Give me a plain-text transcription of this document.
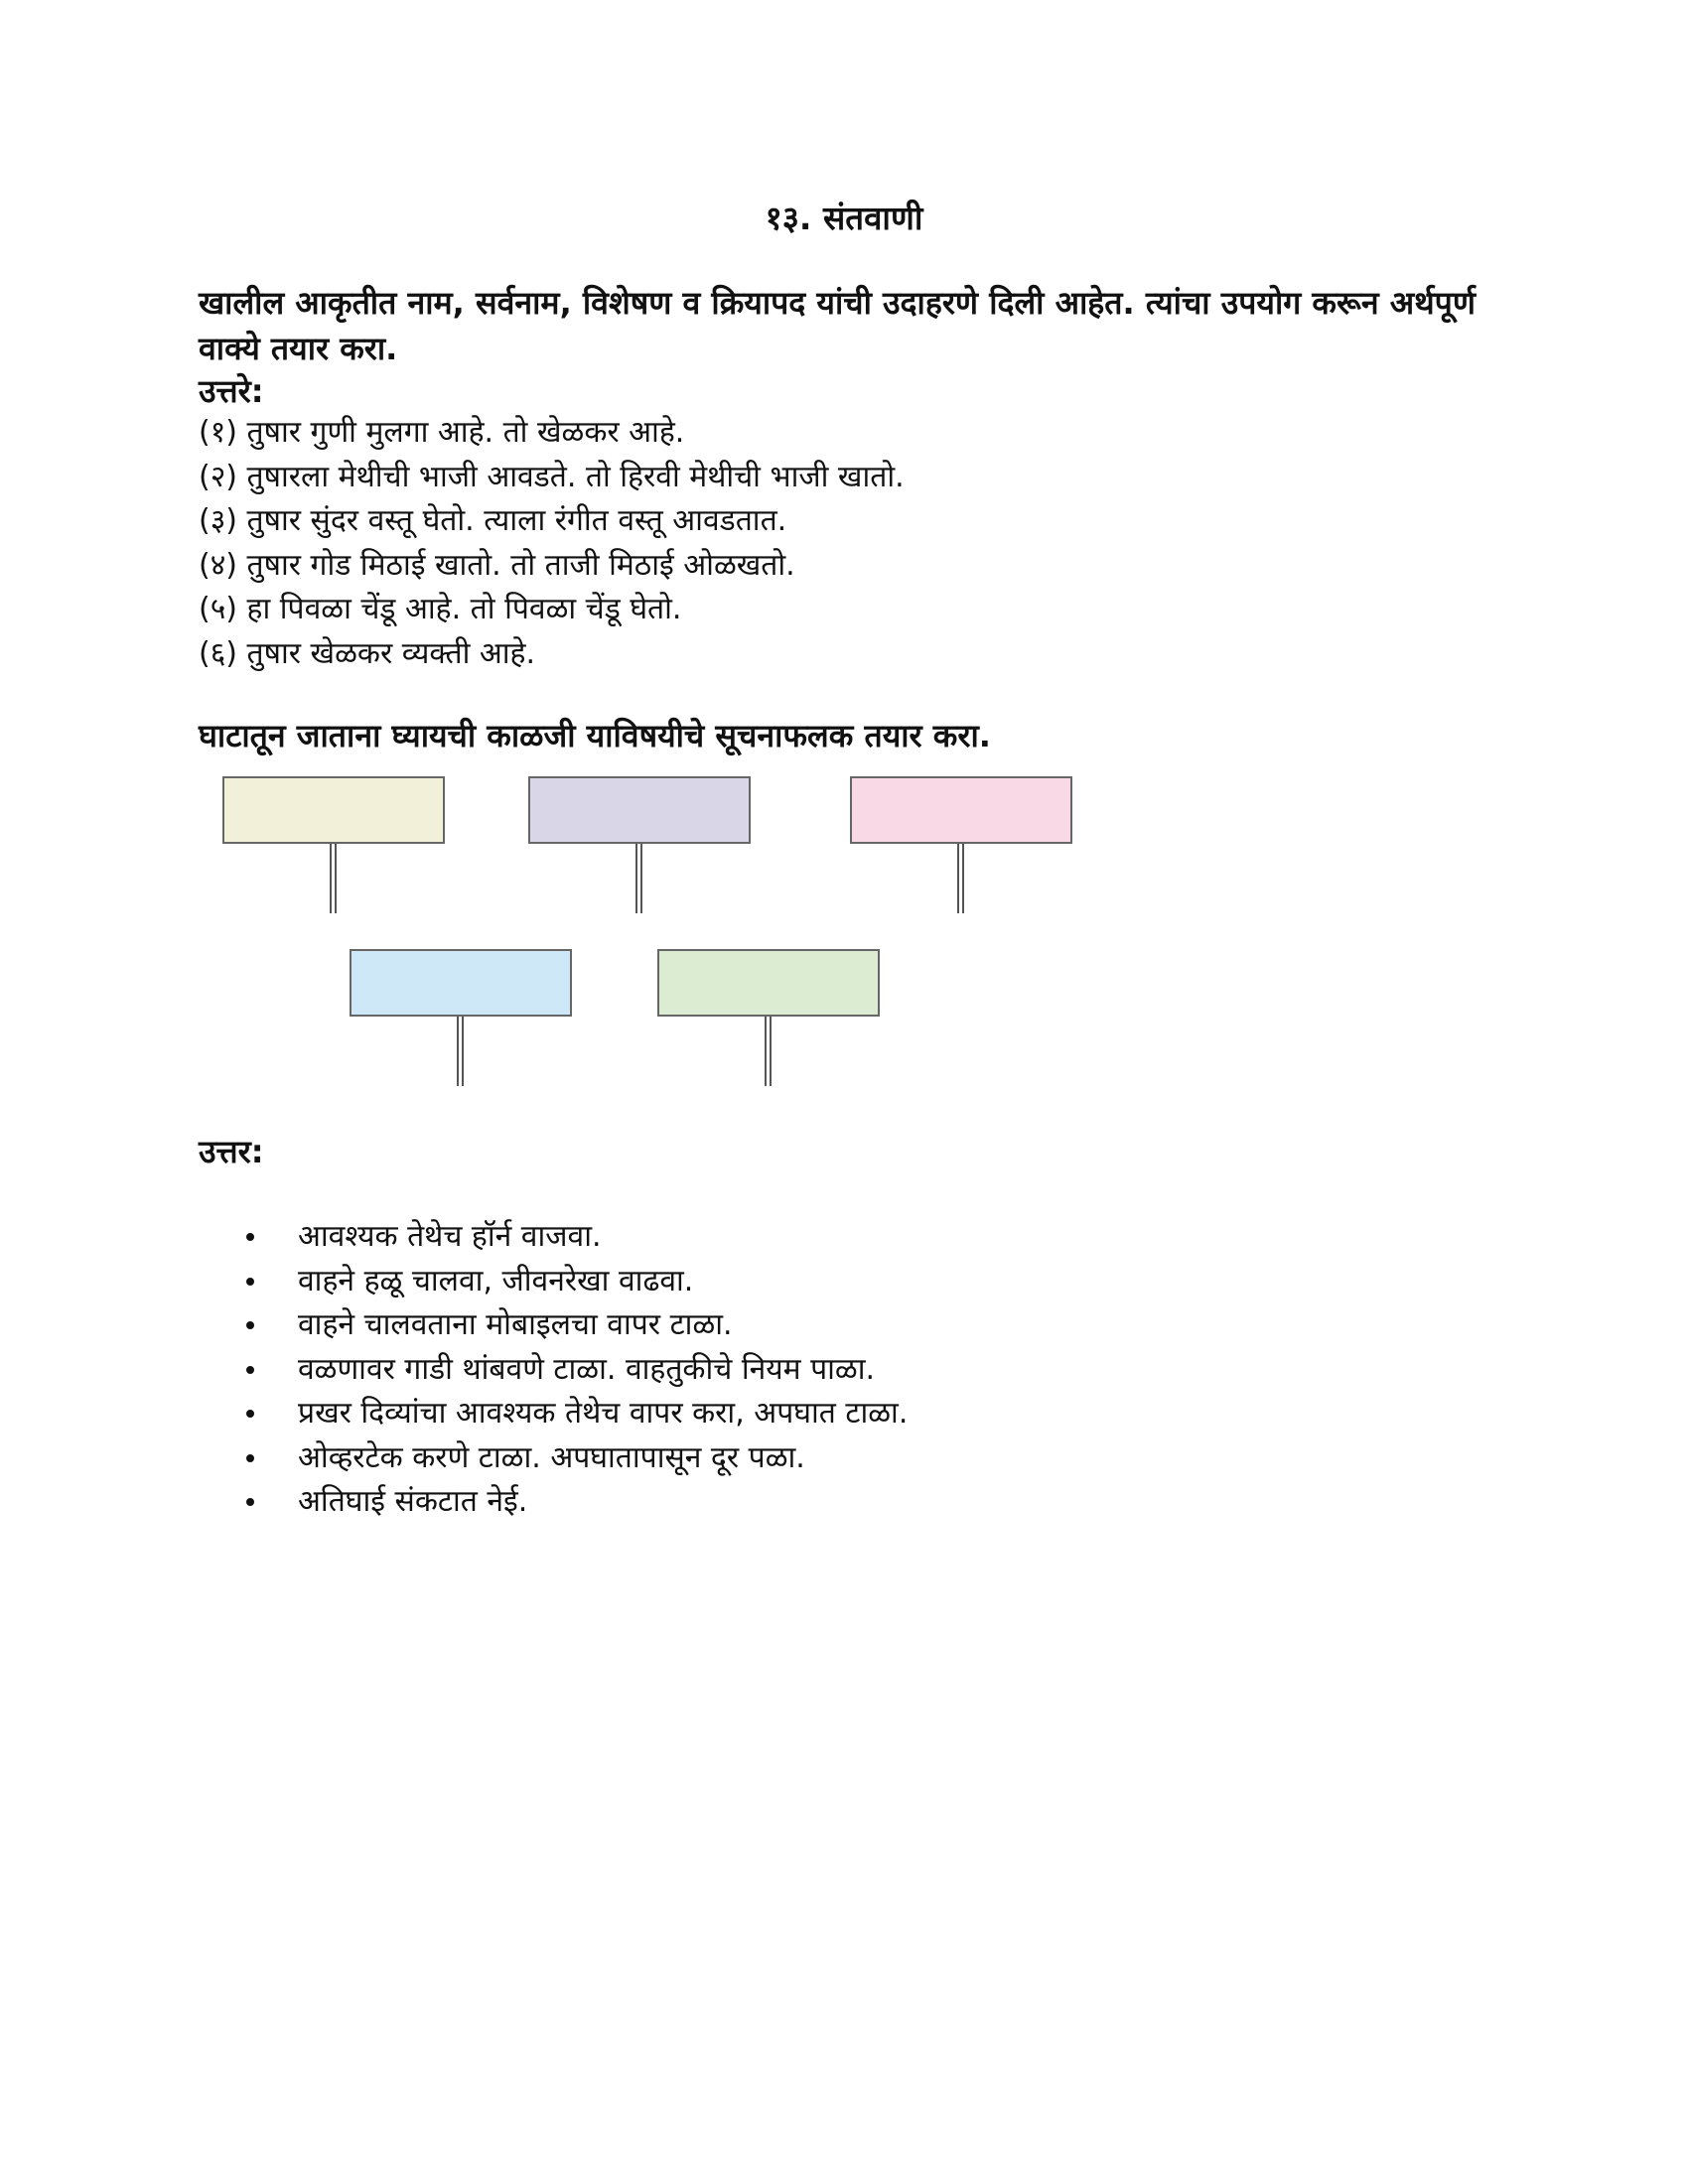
१३. संतवाणी

खालील आकृतीत नाम, सर्वनाम, विशेषण व क्रियापद यांची उदाहरणे दिली आहेत. त्यांचा उपयोग करून अर्थपूर्ण वाक्ये तयार करा.

उत्तरे:

(१) तुषार गुणी मुलगा आहे. तो खेळकर आहे.
(२) तुषारला मेथीची भाजी आवडते. तो हिरवी मेथीची भाजी खातो.
(३) तुषार सुंदर वस्तू घेतो. त्याला रंगीत वस्तू आवडतात.
(४) तुषार गोड मिठाई खातो. तो ताजी मिठाई ओळखतो.
(५) हा पिवळा चेंडू आहे. तो पिवळा चेंडू घेतो.
(६) तुषार खेळकर व्यक्ती आहे.

घाटातून जाताना घ्यायची काळजी याविषयीचे सूचनाफलक तयार करा.

उत्तर:

आवश्यक तेथेच हॉर्न वाजवा.
वाहने हळू चालवा, जीवनरेखा वाढवा.
वाहने चालवताना मोबाइलचा वापर टाळा.
वळणावर गाडी थांबवणे टाळा. वाहतुकीचे नियम पाळा.
प्रखर दिव्यांचा आवश्यक तेथेच वापर करा, अपघात टाळा.
ओव्हरटेक करणे टाळा. अपघातापासून दूर पळा.
अतिघाई संकटात नेई.
